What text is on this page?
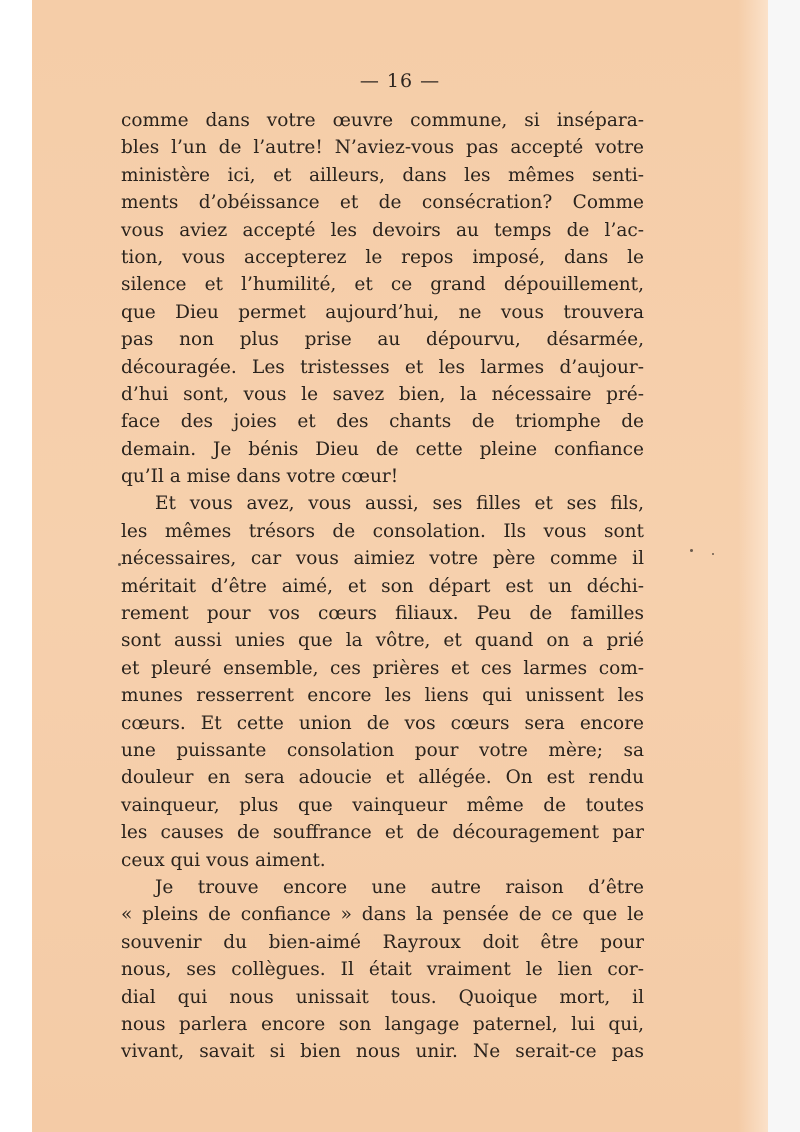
— 16 —
comme dans votre œuvre commune, si insépara-
bles l’un de l’autre! N’aviez-vous pas accepté votre
ministère ici, et ailleurs, dans les mêmes senti-
ments d’obéissance et de consécration? Comme
vous aviez accepté les devoirs au temps de l’ac-
tion, vous accepterez le repos imposé, dans le
silence et l’humilité, et ce grand dépouillement,
que Dieu permet aujourd’hui, ne vous trouvera
pas non plus prise au dépourvu, désarmée,
découragée. Les tristesses et les larmes d’aujour-
d’hui sont, vous le savez bien, la nécessaire pré-
face des joies et des chants de triomphe de
demain. Je bénis Dieu de cette pleine confiance
qu’Il a mise dans votre cœur!
Et vous avez, vous aussi, ses filles et ses fils,
les mêmes trésors de consolation. Ils vous sont
nécessaires, car vous aimiez votre père comme il
méritait d’être aimé, et son départ est un déchi-
rement pour vos cœurs filiaux. Peu de familles
sont aussi unies que la vôtre, et quand on a prié
et pleuré ensemble, ces prières et ces larmes com-
munes resserrent encore les liens qui unissent les
cœurs. Et cette union de vos cœurs sera encore
une puissante consolation pour votre mère; sa
douleur en sera adoucie et allégée. On est rendu
vainqueur, plus que vainqueur même de toutes
les causes de souffrance et de découragement par
ceux qui vous aiment.
Je trouve encore une autre raison d’être
« pleins de confiance » dans la pensée de ce que le
souvenir du bien-aimé Rayroux doit être pour
nous, ses collègues. Il était vraiment le lien cor-
dial qui nous unissait tous. Quoique mort, il
nous parlera encore son langage paternel, lui qui,
vivant, savait si bien nous unir. Ne serait-ce pas
